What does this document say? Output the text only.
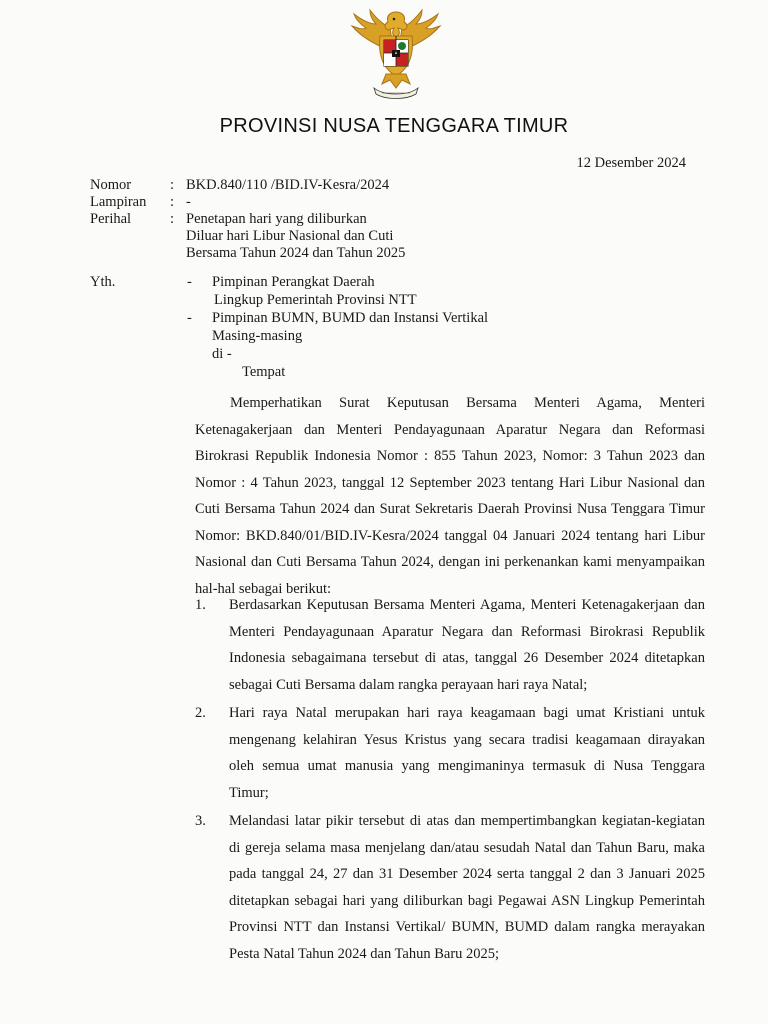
PROVINSI NUSA TENGGARA TIMUR
12 Desember 2024
Nomor	: BKD.840/110 /BID.IV-Kesra/2024
Lampiran	: -
Perihal	: Penetapan hari yang diliburkan
Diluar hari Libur Nasional dan Cuti
Bersama Tahun 2024 dan Tahun 2025
Yth.	- Pimpinan Perangkat Daerah
Lingkup Pemerintah Provinsi NTT
- Pimpinan BUMN, BUMD dan Instansi Vertikal
Masing-masing
di -
Tempat

Memperhatikan Surat Keputusan Bersama Menteri Agama, Menteri Ketenagakerjaan dan Menteri Pendayagunaan Aparatur Negara dan Reformasi Birokrasi Republik Indonesia Nomor : 855 Tahun 2023, Nomor: 3 Tahun 2023 dan Nomor : 4 Tahun 2023, tanggal 12 September 2023 tentang Hari Libur Nasional dan Cuti Bersama Tahun 2024 dan Surat Sekretaris Daerah Provinsi Nusa Tenggara Timur Nomor: BKD.840/01/BID.IV-Kesra/2024 tanggal 04 Januari 2024 tentang hari Libur Nasional dan Cuti Bersama Tahun 2024, dengan ini perkenankan kami menyampaikan hal-hal sebagai berikut:

1. Berdasarkan Keputusan Bersama Menteri Agama, Menteri Ketenagakerjaan dan Menteri Pendayagunaan Aparatur Negara dan Reformasi Birokrasi Republik Indonesia sebagaimana tersebut di atas, tanggal 26 Desember 2024 ditetapkan sebagai Cuti Bersama dalam rangka perayaan hari raya Natal;
2. Hari raya Natal merupakan hari raya keagamaan bagi umat Kristiani untuk mengenang kelahiran Yesus Kristus yang secara tradisi keagamaan dirayakan oleh semua umat manusia yang mengimaninya termasuk di Nusa Tenggara Timur;
3. Melandasi latar pikir tersebut di atas dan mempertimbangkan kegiatan-kegiatan di gereja selama masa menjelang dan/atau sesudah Natal dan Tahun Baru, maka pada tanggal 24, 27 dan 31 Desember 2024 serta tanggal 2 dan 3 Januari 2025 ditetapkan sebagai hari yang diliburkan bagi Pegawai ASN Lingkup Pemerintah Provinsi NTT dan Instansi Vertikal/ BUMN, BUMD dalam rangka merayakan Pesta Natal Tahun 2024 dan Tahun Baru 2025;
